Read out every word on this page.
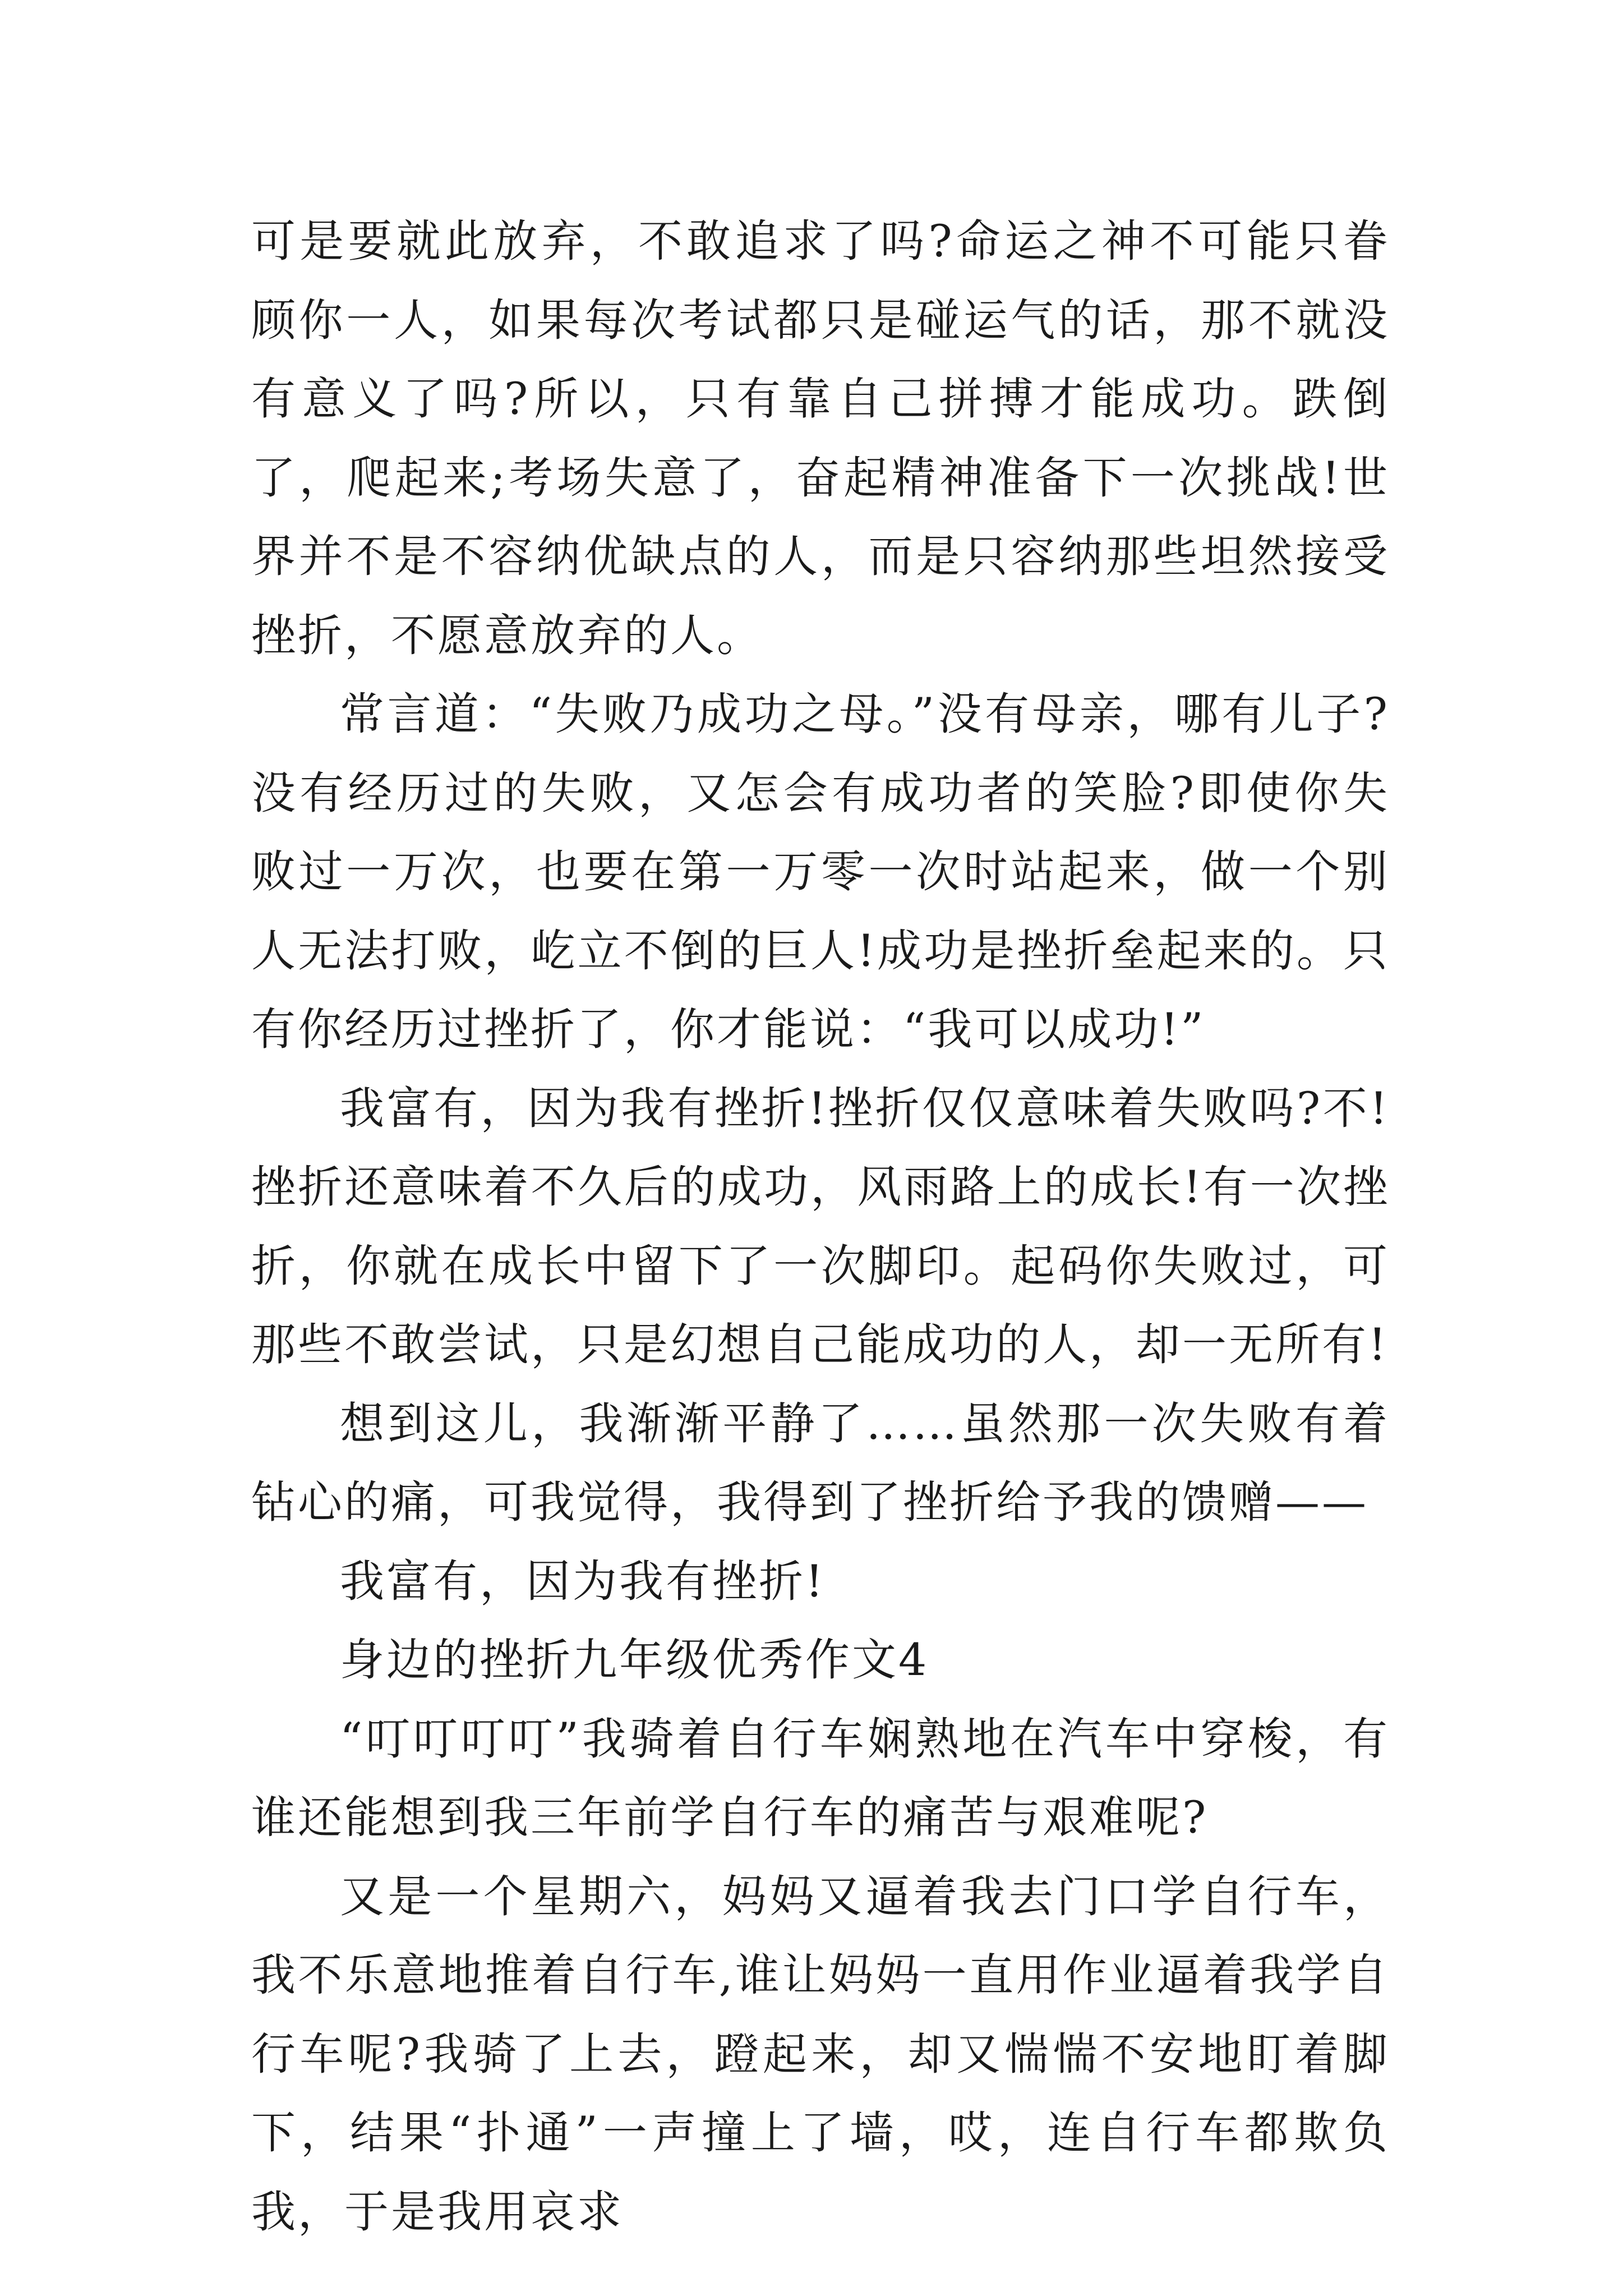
可是要就此放弃，不敢追求了吗?命运之神不可能只眷顾你一人，如果每次考试都只是碰运气的话，那不就没有意义了吗?所以，只有靠自己拼搏才能成功。跌倒了，爬起来;考场失意了，奋起精神准备下一次挑战!世界并不是不容纳优缺点的人，而是只容纳那些坦然接受挫折，不愿意放弃的人。

常言道：“失败乃成功之母。”没有母亲，哪有儿子?没有经历过的失败，又怎会有成功者的笑脸?即使你失败过一万次，也要在第一万零一次时站起来，做一个别人无法打败，屹立不倒的巨人!成功是挫折垒起来的。只有你经历过挫折了，你才能说：“我可以成功!”

我富有，因为我有挫折!挫折仅仅意味着失败吗?不!挫折还意味着不久后的成功，风雨路上的成长!有一次挫折，你就在成长中留下了一次脚印。起码你失败过，可那些不敢尝试，只是幻想自己能成功的人，却一无所有!

想到这儿，我渐渐平静了……虽然那一次失败有着钻心的痛，可我觉得，我得到了挫折给予我的馈赠——

我富有，因为我有挫折!

身边的挫折九年级优秀作文4

“叮叮叮叮”我骑着自行车娴熟地在汽车中穿梭，有谁还能想到我三年前学自行车的痛苦与艰难呢?

又是一个星期六，妈妈又逼着我去门口学自行车，我不乐意地推着自行车,谁让妈妈一直用作业逼着我学自行车呢?我骑了上去，蹬起来，却又惴惴不安地盯着脚下，结果“扑通”一声撞上了墙，哎，连自行车都欺负我，于是我用哀求
